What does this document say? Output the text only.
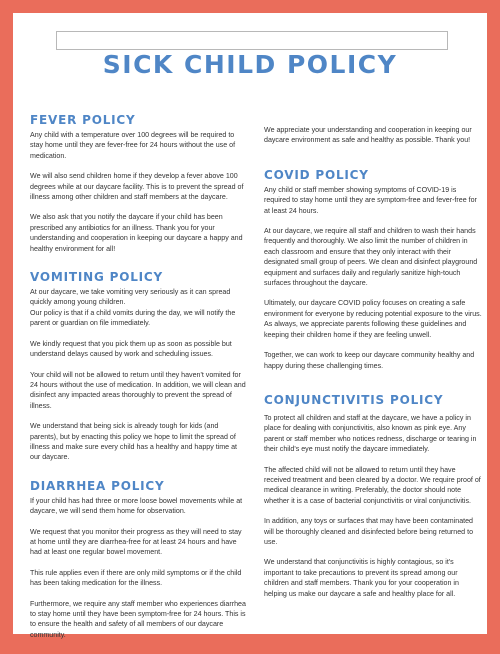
SICK CHILD POLICY
FEVER POLICY

Any child with a temperature over 100 degrees will be required to stay home until they are fever-free for 24 hours without the use of medication.

We will also send children home if they develop a fever above 100 degrees while at our daycare facility. This is to prevent the spread of illness among other children and staff members at the daycare.

We also ask that you notify the daycare if your child has been prescribed any antibiotics for an illness. Thank you for your understanding and cooperation in keeping our daycare a happy and healthy environment for all!

VOMITING POLICY

At our daycare, we take vomiting very seriously as it can spread quickly among young children.

Our policy is that if a child vomits during the day, we will notify the parent or guardian on file immediately.

We kindly request that you pick them up as soon as possible but understand delays caused by work and scheduling issues.

Your child will not be allowed to return until they haven't vomited for 24 hours without the use of medication. In addition, we will clean and disinfect any impacted areas thoroughly to prevent the spread of illness.

We understand that being sick is already tough for kids (and parents), but by enacting this policy we hope to limit the spread of illness and make sure every child has a healthy and happy time at our daycare.

DIARRHEA POLICY

If your child has had three or more loose bowel movements while at daycare, we will send them home for observation.

We request that you monitor their progress as they will need to stay at home until they are diarrhea-free for at least 24 hours and have had at least one regular bowel movement.

This rule applies even if there are only mild symptoms or if the child has been taking medication for the illness.

Furthermore, we require any staff member who experiences diarrhea to stay home until they have been symptom-free for 24 hours. This is to ensure the health and safety of all members of our daycare community.

We appreciate your understanding and cooperation in keeping our daycare environment as safe and healthy as possible. Thank you!

COVID POLICY

Any child or staff member showing symptoms of COVID-19 is required to stay home until they are symptom-free and fever-free for at least 24 hours.

At our daycare, we require all staff and children to wash their hands frequently and thoroughly. We also limit the number of children in each classroom and ensure that they only interact with their designated small group of peers. We clean and disinfect playground equipment and surfaces daily and regularly sanitize high-touch surfaces throughout the daycare.

Ultimately, our daycare COVID policy focuses on creating a safe environment for everyone by reducing potential exposure to the virus. As always, we appreciate parents following these guidelines and keeping their children home if they are feeling unwell.

Together, we can work to keep our daycare community healthy and happy during these challenging times.

CONJUNCTIVITIS POLICY

To protect all children and staff at the daycare, we have a policy in place for dealing with conjunctivitis, also known as pink eye. Any parent or staff member who notices redness, discharge or tearing in their child's eye must notify the daycare immediately.

The affected child will not be allowed to return until they have received treatment and been cleared by a doctor. We require proof of medical clearance in writing. Preferably, the doctor should note whether it is a case of bacterial conjunctivitis or viral conjunctivitis.

In addition, any toys or surfaces that may have been contaminated will be thoroughly cleaned and disinfected before being returned to use.

We understand that conjunctivitis is highly contagious, so it's important to take precautions to prevent its spread among our children and staff members. Thank you for your cooperation in helping us make our daycare a safe and healthy place for all.
